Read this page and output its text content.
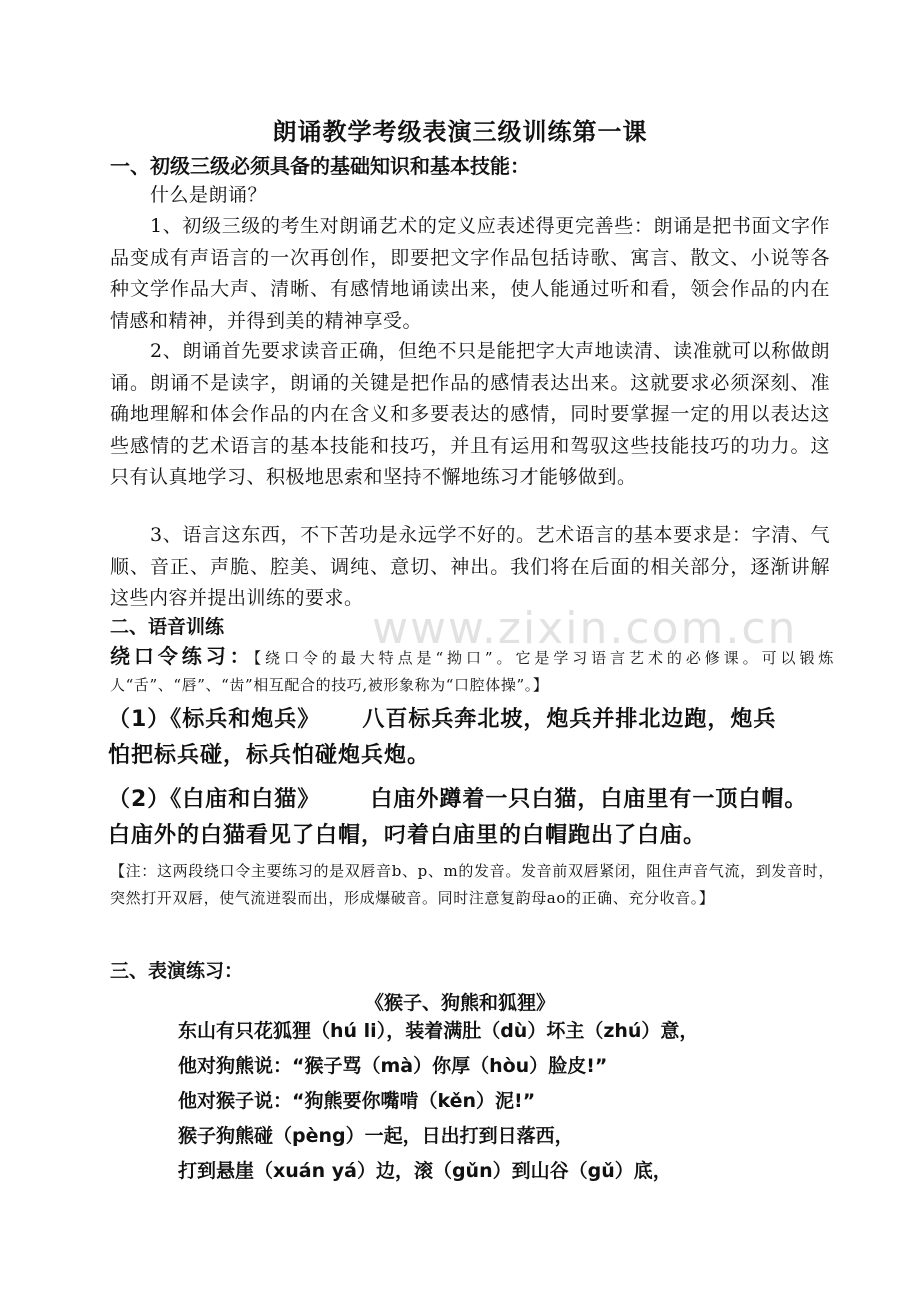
www.zixin.com.cn
朗诵教学考级表演三级训练第一课
一、初级三级必须具备的基础知识和基本技能：
什么是朗诵？
1、初级三级的考生对朗诵艺术的定义应表述得更完善些：朗诵是把书面文字作品变成有声语言的一次再创作，即要把文字作品包括诗歌、寓言、散文、小说等各种文学作品大声、清晰、有感情地诵读出来，使人能通过听和看，领会作品的内在情感和精神，并得到美的精神享受。
2、朗诵首先要求读音正确，但绝不只是能把字大声地读清、读准就可以称做朗诵。朗诵不是读字，朗诵的关键是把作品的感情表达出来。这就要求必须深刻、准确地理解和体会作品的内在含义和多要表达的感情，同时要掌握一定的用以表达这些感情的艺术语言的基本技能和技巧，并且有运用和驾驭这些技能技巧的功力。这只有认真地学习、积极地思索和坚持不懈地练习才能够做到。
3、语言这东西，不下苦功是永远学不好的。艺术语言的基本要求是：字清、气顺、音正、声脆、腔美、调纯、意切、神出。我们将在后面的相关部分，逐渐讲解这些内容并提出训练的要求。
二、语音训练
绕口令练习：【绕口令的最大特点是“拗口”。它是学习语言艺术的必修课。可以锻炼人“舌”、“唇”、“齿”相互配合的技巧,被形象称为“口腔体操”。】
（1）《标兵和炮兵》 八百标兵奔北坡，炮兵并排北边跑，炮兵
怕把标兵碰，标兵怕碰炮兵炮。
（2）《白庙和白猫》 白庙外蹲着一只白猫，白庙里有一顶白帽。
白庙外的白猫看见了白帽，叼着白庙里的白帽跑出了白庙。
【注：这两段绕口令主要练习的是双唇音b、p、m的发音。发音前双唇紧闭，阻住声音气流，到发音时，突然打开双唇，使气流迸裂而出，形成爆破音。同时注意复韵母ao的正确、充分收音。】
三、表演练习：
《猴子、狗熊和狐狸》
东山有只花狐狸（hú li），装着满肚（dù）坏主（zhú）意，
他对狗熊说：“猴子骂（mà）你厚（hòu）脸皮!”
他对猴子说：“狗熊要你嘴啃（kěn）泥!”
猴子狗熊碰（pèng）一起，日出打到日落西，
打到悬崖（xuán yá）边，滚（gǔn）到山谷（gǔ）底，
